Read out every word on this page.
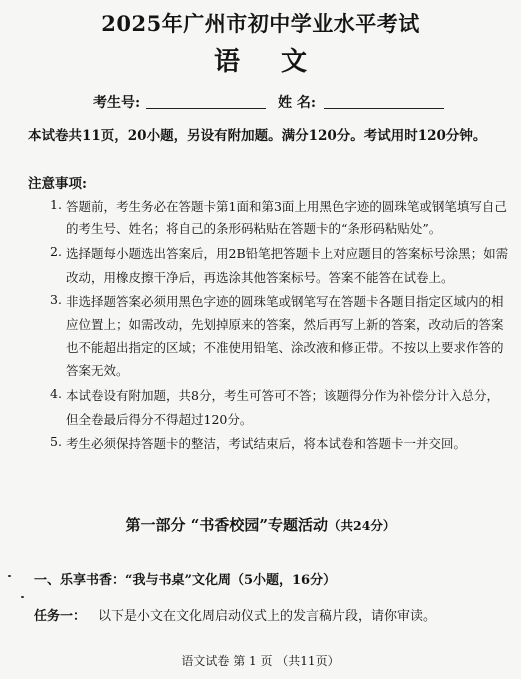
2025年广州市初中学业水平考试
语 文
考生号:	姓 名:
本试卷共11页，20小题，另设有附加题。满分120分。考试用时120分钟。
注意事项:
1. 答题前，考生务必在答题卡第1面和第3面上用黑色字迹的圆珠笔或钢笔填写自己
的考生号、姓名；将自己的条形码粘贴在答题卡的“条形码粘贴处”。
2. 选择题每小题选出答案后，用2B铅笔把答题卡上对应题目的答案标号涂黑；如需
改动，用橡皮擦干净后，再选涂其他答案标号。答案不能答在试卷上。
3. 非选择题答案必须用黑色字迹的圆珠笔或钢笔写在答题卡各题目指定区域内的相
应位置上；如需改动，先划掉原来的答案，然后再写上新的答案，改动后的答案
也不能超出指定的区域；不准使用铅笔、涂改液和修正带。不按以上要求作答的
答案无效。
4. 本试卷设有附加题，共8分，考生可答可不答；该题得分作为补偿分计入总分，
但全卷最后得分不得超过120分。
5. 考生必须保持答题卡的整洁，考试结束后，将本试卷和答题卡一并交回。
第一部分 “书香校园”专题活动（共24分）
一、乐享书香：“我与书桌”文化周（5小题，16分）
任务一： 以下是小文在文化周启动仪式上的发言稿片段，请你审读。
语文试卷 第 1 页 （共11页）
